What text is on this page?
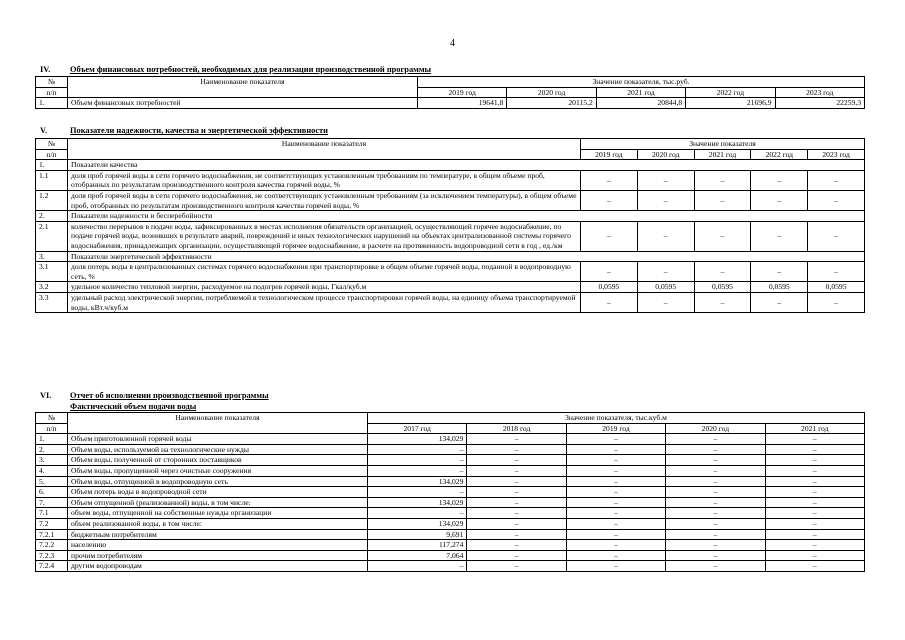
4
IV. Объем финансовых потребностей, необходимых для реализации производственной программы
№	Наименование показателя	Значение показателя, тыс.руб.				
п/п		2019 год	2020 год	2021 год	2022 год	2023 год
1.	Объем финансовых потребностей	19641,8	20115,2	20844,8	21696,9	22259,3
V.	Показатели надежности, качества и энергетической эффективности
№	Наименование показателя	Значение показателя				
п/п		2019 год	2020 год	2021 год	2022 год	2023 год
1.	Показатели качества					
1.1	доля проб горячей воды в сети горячего водоснабжения, не соответствующих установленным требованиям по температуре, в общем объеме проб, отобранных по результатам производственного контроля качества горячей воды, %	–	–	–	–	–
1.2	доля проб горячей воды в сети горячего водоснабжения, не соответствующих установленным требованиям (за исключением температуры), в общем объеме проб, отобранных по результатам производственного контроля качества горячей воды, %	–	–	–	–	–
2.	Показатели надежности и бесперебойности					
2.1	количество перерывов в подаче воды, зафиксированных в местах исполнения обязательств организацией, осуществляющей горячее водоснабжение, по подаче горячей воды, возникших в результате аварий, повреждений и иных технологических нарушений на объектах централизованной системы горячего водоснабжения, принадлежащих организации, осуществляющей горячее водоснабжение, в расчете на протяженность водопроводной сети в год , ед./км	–	–	–	–	–
3.	Показатели энергетической эффективности					
3.1	доля потерь воды в централизованных системах горячего водоснабжения при транспортировке в общем объеме горячей воды, поданной в водопроводную сеть, %	–	–	–	–	–
3.2	удельное количество тепловой энергии, расходуемое на подогрев горячей воды, Гкал/куб.м	0,0595	0,0595	0,0595	0,0595	0,0595
3.3	удельный расход электрической энергии, потребляемой в технологическом процессе транспортировки горячей воды, на единицу объема транспортируемой воды, кВт.ч/куб.м	–	–	–	–	–
VI. Отчет об исполнении производственной программы
Фактический объем подачи воды
№	Наименование показателя	Значение показателя, тыс.куб.м				
п/п		2017 год	2018 год	2019 год	2020 год	2021 год
1.	Объем приготовленной горячей воды	134,029	–	–	–	–
2.	Объем воды, используемой на технологические нужды	–	–	–	–	–
3.	Объем воды, полученной от сторонних поставщиков	–	–	–	–	–
4.	Объем воды, пропущенной через очистные сооружения	–	–	–	–	–
5.	Объем воды, отпущенной в водопроводную сеть	134,029	–	–	–	–
6.	Объем потерь воды в водопроводной сети	–	–	–	–	–
7.	Объем отпущенной (реализованной) воды, в том числе:	134,029	–	–	–	–
7.1	объем воды, отпущенной на собственные нужды организации	–	–	–	–	–
7.2	объем реализованной воды, в том числе:	134,029	–	–	–	–
7.2.1	бюджетным потребителям	9,691	–	–	–	–
7.2.2	населению	117,274	–	–	–	–
7.2.3	прочим потребителям	7,064	–	–	–	–
7.2.4	другим водопроводам	–	–	–	–	–
